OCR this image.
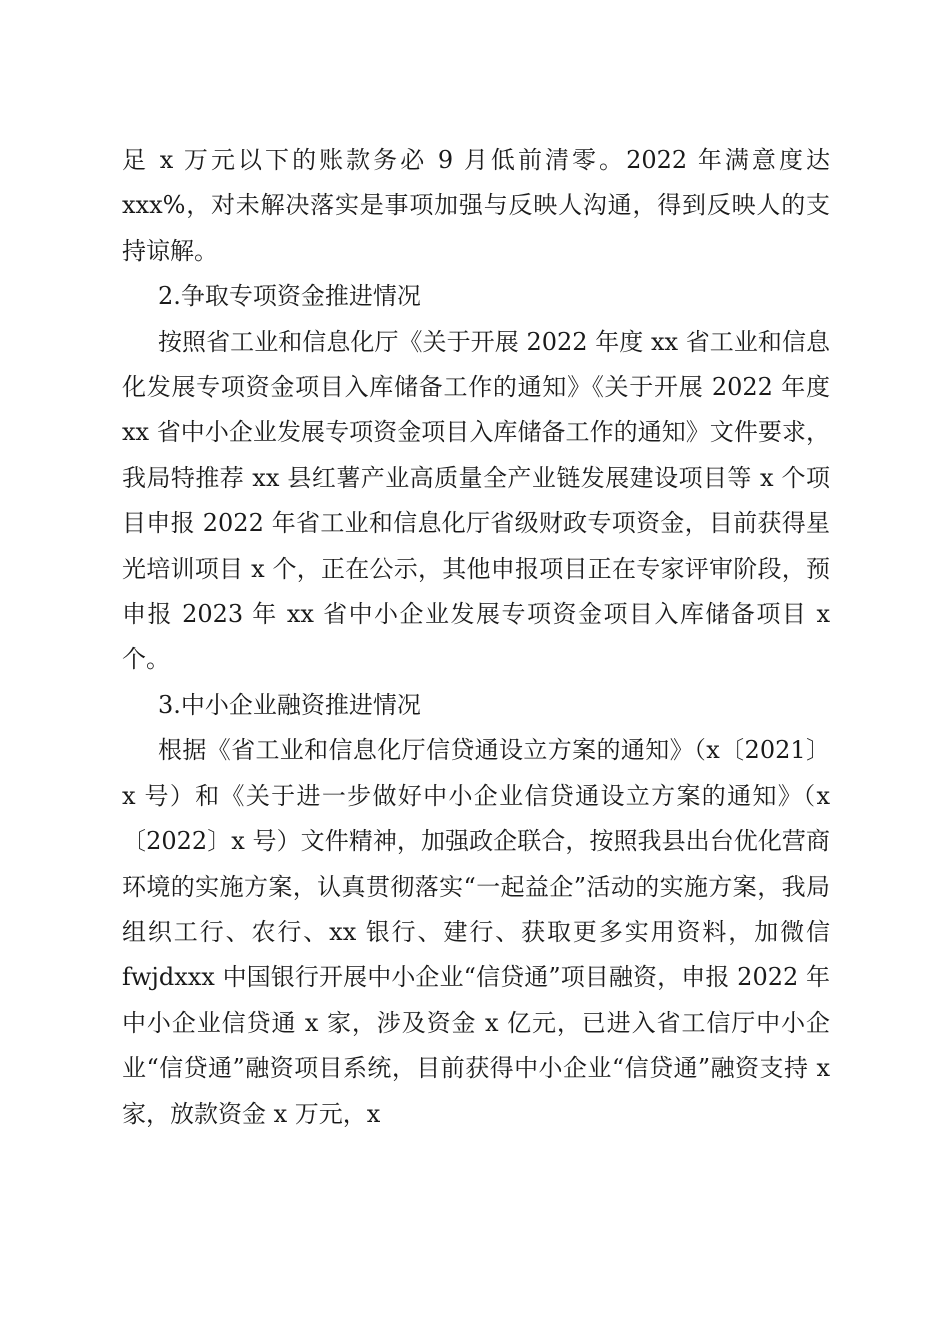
足 x 万元以下的账款务必 9 月低前清零。2022 年满意度达 xxx%，对未解决落实是事项加强与反映人沟通，得到反映人的支持谅解。

2.争取专项资金推进情况

按照省工业和信息化厅《关于开展 2022 年度 xx 省工业和信息化发展专项资金项目入库储备工作的通知》《关于开展 2022 年度 xx 省中小企业发展专项资金项目入库储备工作的通知》文件要求，我局特推荐 xx 县红薯产业高质量全产业链发展建设项目等 x 个项目申报 2022 年省工业和信息化厅省级财政专项资金，目前获得星光培训项目 x 个，正在公示，其他申报项目正在专家评审阶段，预申报 2023 年 xx 省中小企业发展专项资金项目入库储备项目 x 个。

3.中小企业融资推进情况

根据《省工业和信息化厅信贷通设立方案的通知》（x〔2021〕x 号）和《关于进一步做好中小企业信贷通设立方案的通知》（x〔2022〕x 号）文件精神，加强政企联合，按照我县出台优化营商环境的实施方案，认真贯彻落实“一起益企”活动的实施方案，我局组织工行、农行、xx 银行、建行、获取更多实用资料，加微信 fwjdxxx 中国银行开展中小企业“信贷通”项目融资，申报 2022 年中小企业信贷通 x 家，涉及资金 x 亿元，已进入省工信厅中小企业“信贷通”融资项目系统，目前获得中小企业“信贷通”融资支持 x 家，放款资金 x 万元，x
